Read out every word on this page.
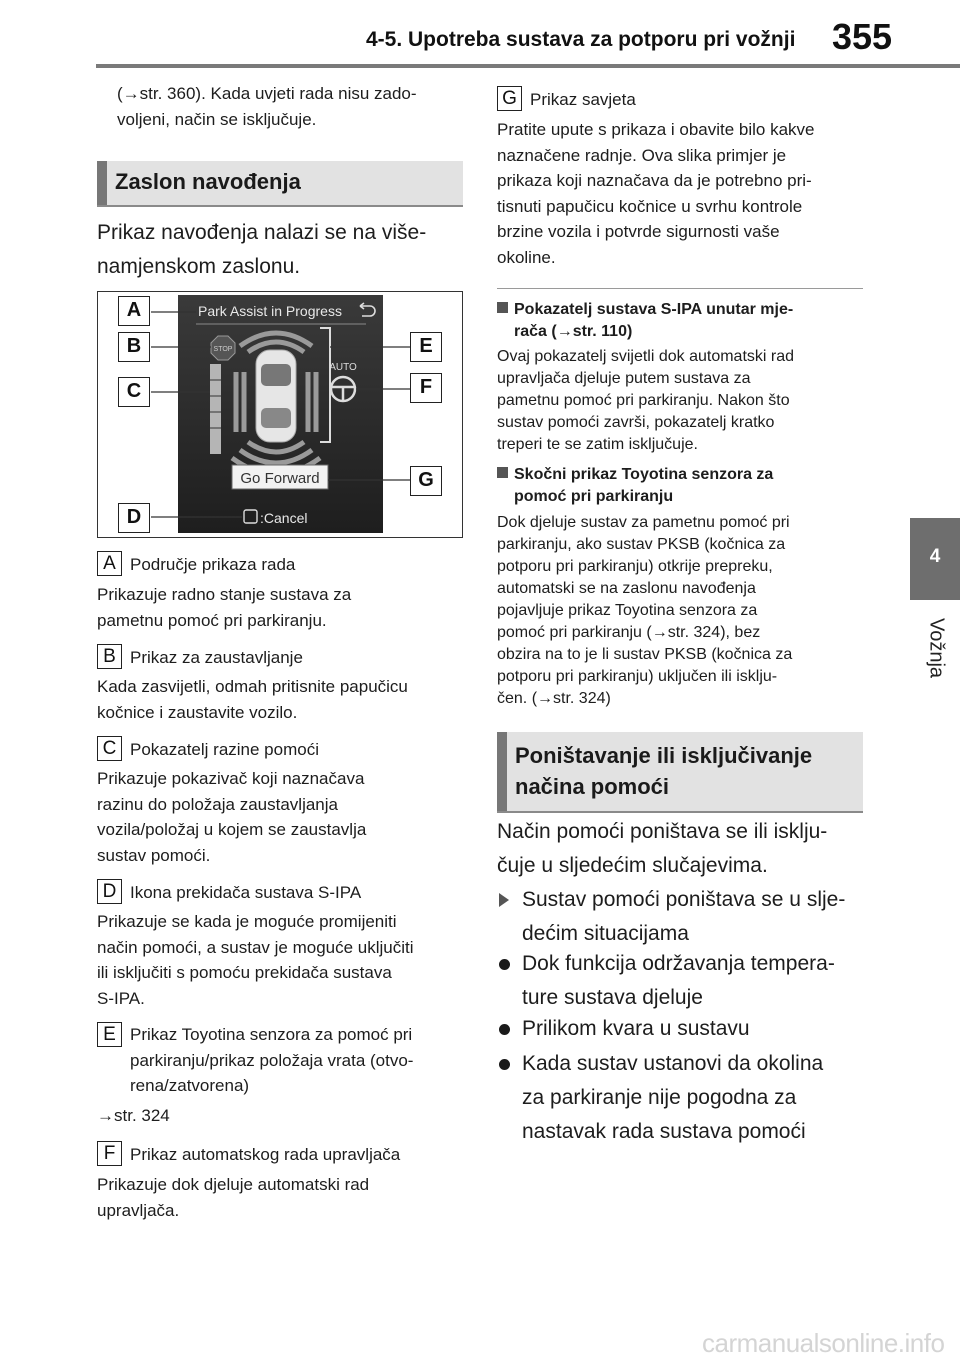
4-5. Upotreba sustava za potporu pri vožnji 355
4
Vožnja
(→str. 360). Kada uvjeti rada nisu zado-
voljeni, način se isključuje.
Zaslon navođenja
Prikaz navođenja nalazi se na više-
namjenskom zaslonu.
Park Assist in Progress
STOP
AUTO
Go Forward
:Cancel
A
B
C
D
E
F
G
A Područje prikaza rada
Prikazuje radno stanje sustava za
pametnu pomoć pri parkiranju.
B Prikaz za zaustavljanje
Kada zasvijetli, odmah pritisnite papučicu
kočnice i zaustavite vozilo.
C Pokazatelj razine pomoći
Prikazuje pokazivač koji naznačava
razinu do položaja zaustavljanja
vozila/položaj u kojem se zaustavlja
sustav pomoći.
D Ikona prekidača sustava S-IPA
Prikazuje se kada je moguće promijeniti
način pomoći, a sustav je moguće uključiti
ili isključiti s pomoću prekidača sustava
S-IPA.
E Prikaz Toyotina senzora za pomoć pri
parkiranju/prikaz položaja vrata (otvo-
rena/zatvorena)
→str. 324
F Prikaz automatskog rada upravljača
Prikazuje dok djeluje automatski rad
upravljača.
G Prikaz savjeta
Pratite upute s prikaza i obavite bilo kakve
naznačene radnje. Ova slika primjer je
prikaza koji naznačava da je potrebno pri-
tisnuti papučicu kočnice u svrhu kontrole
brzine vozila i potvrde sigurnosti vaše
okoline.
Pokazatelj sustava S-IPA unutar mje-
rača (→str. 110)
Ovaj pokazatelj svijetli dok automatski rad
upravljača djeluje putem sustava za
pametnu pomoć pri parkiranju. Nakon što
sustav pomoći završi, pokazatelj kratko
treperi te se zatim isključuje.
Skočni prikaz Toyotina senzora za
pomoć pri parkiranju
Dok djeluje sustav za pametnu pomoć pri
parkiranju, ako sustav PKSB (kočnica za
potporu pri parkiranju) otkrije prepreku,
automatski se na zaslonu navođenja
pojavljuje prikaz Toyotina senzora za
pomoć pri parkiranju (→str. 324), bez
obzira na to je li sustav PKSB (kočnica za
potporu pri parkiranju) uključen ili isklju-
čen. (→str. 324)
Poništavanje ili isključivanje
načina pomoći
Način pomoći poništava se ili isklju-
čuje u sljedećim slučajevima.
Sustav pomoći poništava se u slje-
dećim situacijama
Dok funkcija održavanja tempera-
ture sustava djeluje
Prilikom kvara u sustavu
Kada sustav ustanovi da okolina
za parkiranje nije pogodna za
nastavak rada sustava pomoći
carmanualsonline.info
